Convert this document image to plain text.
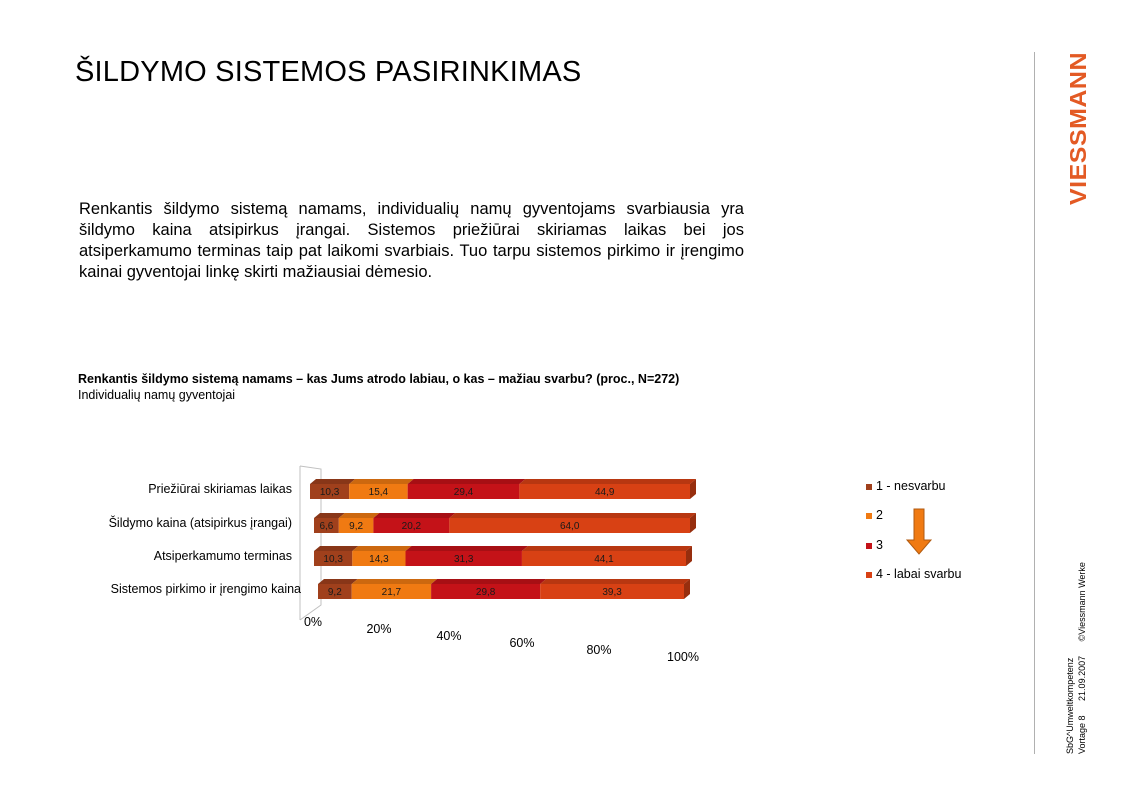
ŠILDYMO SISTEMOS PASIRINKIMAS

Renkantis šildymo sistemą namams, individualių namų gyventojams svarbiausia yra šildymo kaina atsipirkus įrangai. Sistemos priežiūrai skiriamas laikas bei jos atsiperkamumo terminas taip pat laikomi svarbiais. Tuo tarpu sistemos pirkimo ir įrengimo kainai gyventojai linkę skirti mažiausiai dėmesio.

Renkantis šildymo sistemą namams – kas Jums atrodo labiau, o kas – mažiau svarbu? (proc., N=272)
Individualių namų gyventojai
Priežiūrai skiriamas laikas
Šildymo kaina (atsipirkus įrangai)
Atsiperkamumo terminas
Sistemos pirkimo ir įrengimo kaina
10,3	15,4	29,4	44,9
6,6 9,2	20,2	64,0
10,3	14,3	31,3	44,1
9,2	21,7	29,8	39,3
0%	20%	40%	60%	80%	100%
1 - nesvarbu
2
3
4 - labai svarbu
VIESSMANN
SbG^Umweltkompetenz Vortage 8 21.09.2007 ©Viessmann Werke
